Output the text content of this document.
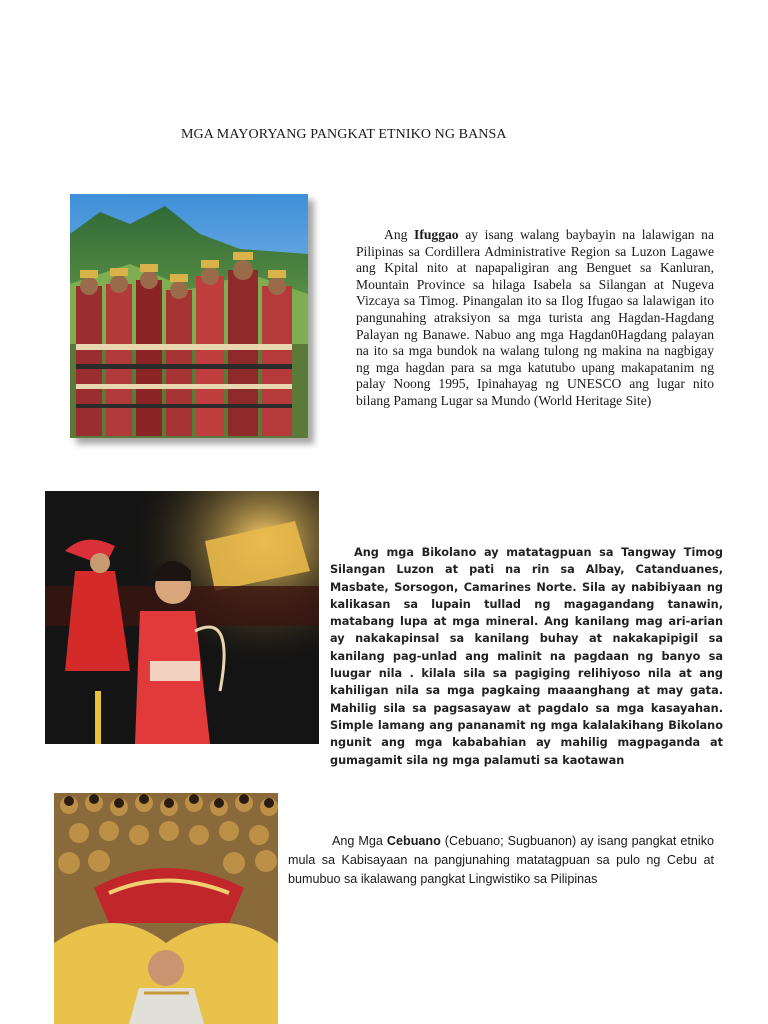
MGA MAYORYANG PANGKAT ETNIKO NG BANSA

Ang Ifuggao ay isang walang baybayin na lalawigan na Pilipinas sa Cordillera Administrative Region sa Luzon Lagawe ang Kpital nito at napapaligiran ang Benguet sa Kanluran, Mountain Province sa hilaga Isabela sa Silangan at Nugeva Vizcaya sa Timog. Pinangalan ito sa Ilog Ifugao sa lalawigan ito pangunahing atraksiyon sa mga turista ang Hagdan-Hagdang Palayan ng Banawe. Nabuo ang mga Hagdan0Hagdang palayan na ito sa mga bundok na walang tulong ng makina na nagbigay ng mga hagdan para sa mga katutubo upang makapatanim ng palay Noong 1995, Ipinahayag ng UNESCO ang lugar nito bilang Pamang Lugar sa Mundo (World Heritage Site)

Ang mga Bikolano ay matatagpuan sa Tangway Timog Silangan Luzon at pati na rin sa Albay, Catanduanes, Masbate, Sorsogon, Camarines Norte. Sila ay nabibiyaan ng kalikasan sa lupain tullad ng magagandang tanawin, matabang lupa at mga mineral. Ang kanilang mag ari-arian ay nakakapinsal sa kanilang buhay at nakakapipigil sa kanilang pag-unlad ang malinit na pagdaan ng banyo sa luugar nila . kilala sila sa pagiging relihiyoso nila at ang kahiligan nila sa mga pagkaing maaanghang at may gata. Mahilig sila sa pagsasayaw at pagdalo sa mga kasayahan. Simple lamang ang pananamit ng mga kalalakihang Bikolano ngunit ang mga kababahian ay mahilig magpaganda at gumagamit sila ng mga palamuti sa kaotawan

Ang Mga Cebuano (Cebuano; Sugbuanon) ay isang pangkat etniko mula sa Kabisayaan na pangjunahing matatagpuan sa pulo ng Cebu at bumubuo sa ikalawang pangkat Lingwistiko sa Pilipinas
